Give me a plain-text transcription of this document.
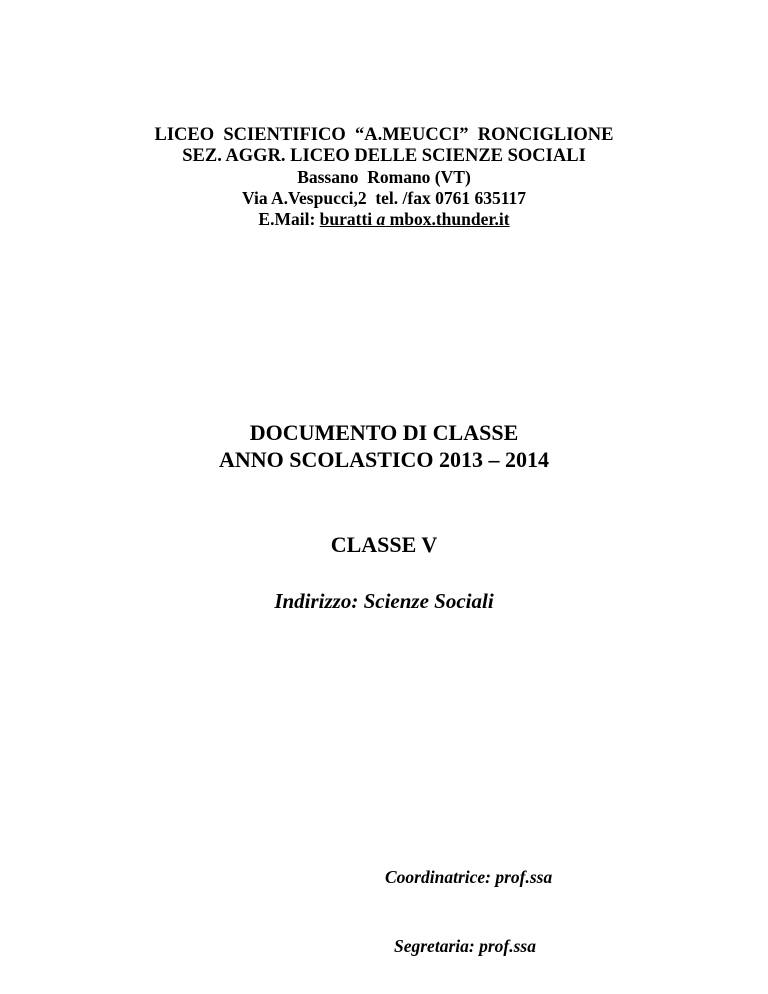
LICEO  SCIENTIFICO  “A.MEUCCI”  RONCIGLIONE
SEZ. AGGR. LICEO DELLE SCIENZE SOCIALI
Bassano  Romano (VT)
Via A.Vespucci,2  tel. /fax 0761 635117
E.Mail: buratti a mbox.thunder.it
DOCUMENTO DI CLASSE
ANNO SCOLASTICO 2013 – 2014
CLASSE V
Indirizzo: Scienze Sociali

Coordinatrice: prof.ssa

Segretaria: prof.ssa
